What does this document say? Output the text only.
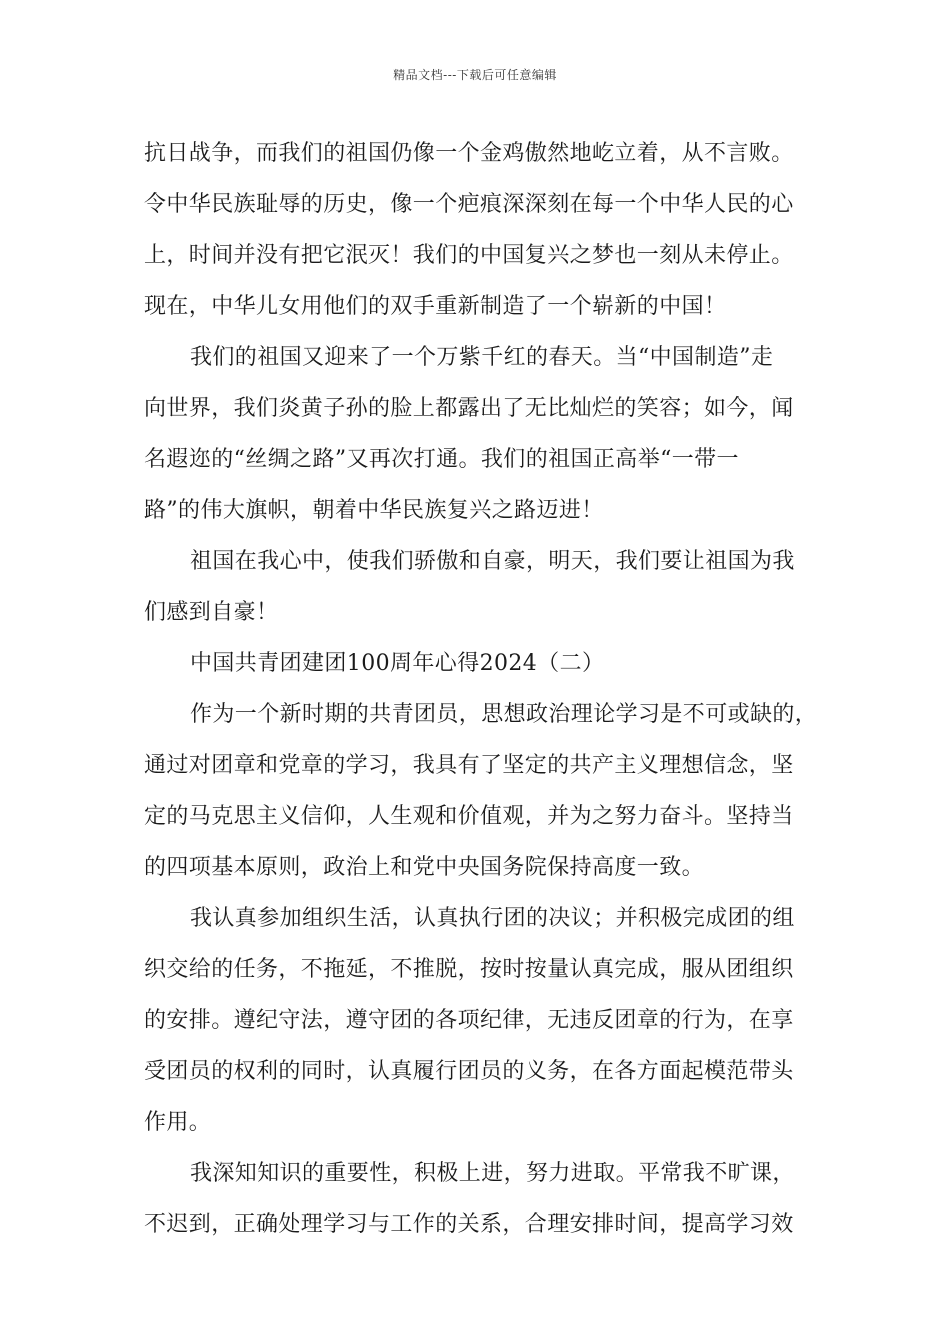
精品文档---下载后可任意编辑
抗日战争，而我们的祖国仍像一个金鸡傲然地屹立着，从不言败。
令中华民族耻辱的历史，像一个疤痕深深刻在每一个中华人民的心
上，时间并没有把它泯灭！我们的中国复兴之梦也一刻从未停止。
现在，中华儿女用他们的双手重新制造了一个崭新的中国！
我们的祖国又迎来了一个万紫千红的春天。当“中国制造”走
向世界，我们炎黄子孙的脸上都露出了无比灿烂的笑容；如今，闻
名遐迩的“丝绸之路”又再次打通。我们的祖国正高举“一带一
路”的伟大旗帜，朝着中华民族复兴之路迈进！
祖国在我心中，使我们骄傲和自豪，明天，我们要让祖国为我
们感到自豪！
中国共青团建团100周年心得2024（二）
作为一个新时期的共青团员，思想政治理论学习是不可或缺的，
通过对团章和党章的学习，我具有了坚定的共产主义理想信念，坚
定的马克思主义信仰，人生观和价值观，并为之努力奋斗。坚持当
的四项基本原则，政治上和党中央国务院保持高度一致。
我认真参加组织生活，认真执行团的决议；并积极完成团的组
织交给的任务，不拖延，不推脱，按时按量认真完成，服从团组织
的安排。遵纪守法，遵守团的各项纪律，无违反团章的行为，在享
受团员的权利的同时，认真履行团员的义务，在各方面起模范带头
作用。
我深知知识的重要性，积极上进，努力进取。平常我不旷课，
不迟到，正确处理学习与工作的关系，合理安排时间，提高学习效
